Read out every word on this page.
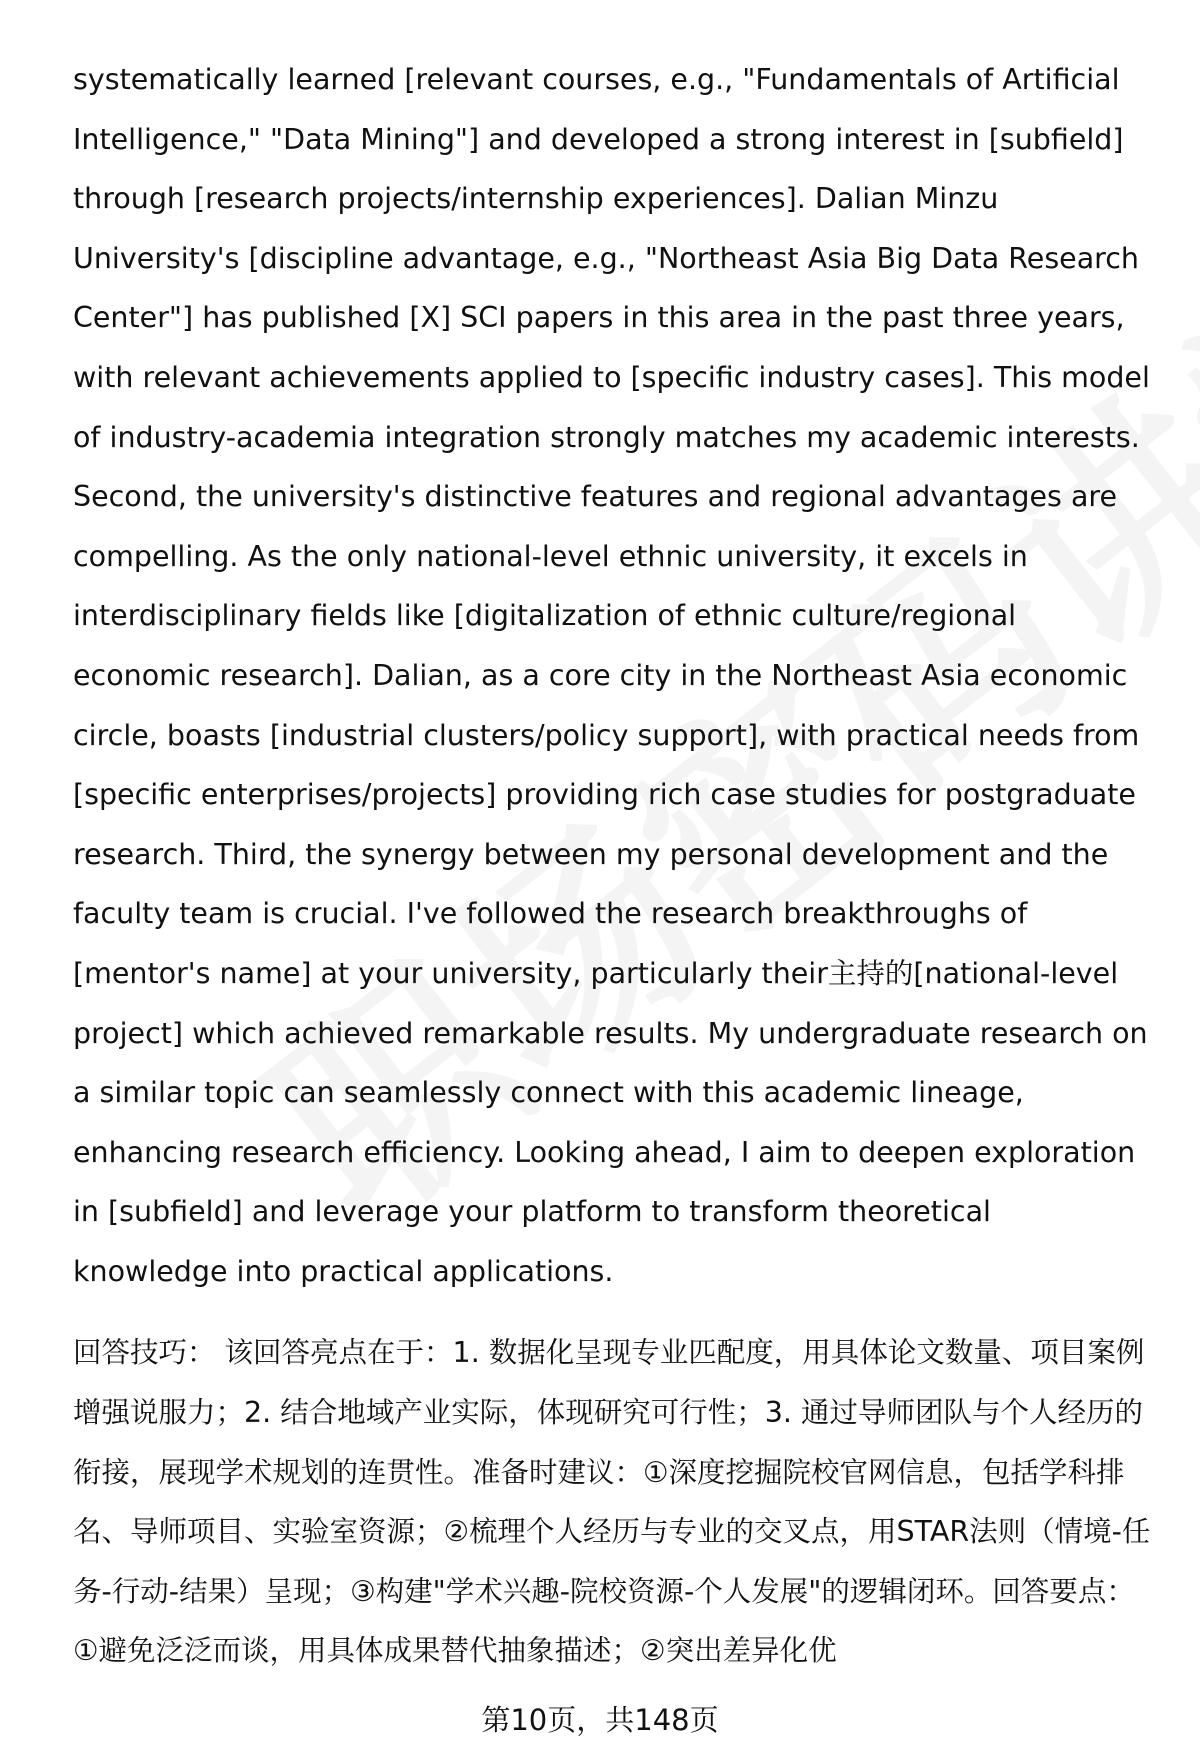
systematically learned [relevant courses, e.g., "Fundamentals of Artificial Intelligence," "Data Mining"] and developed a strong interest in [subfield] through [research projects/internship experiences]. Dalian Minzu University's [discipline advantage, e.g., "Northeast Asia Big Data Research Center"] has published [X] SCI papers in this area in the past three years, with relevant achievements applied to [specific industry cases]. This model of industry-academia integration strongly matches my academic interests. Second, the university's distinctive features and regional advantages are compelling. As the only national-level ethnic university, it excels in interdisciplinary fields like [digitalization of ethnic culture/regional economic research]. Dalian, as a core city in the Northeast Asia economic circle, boasts [industrial clusters/policy support], with practical needs from [specific enterprises/projects] providing rich case studies for postgraduate research. Third, the synergy between my personal development and the faculty team is crucial. I've followed the research breakthroughs of [mentor's name] at your university, particularly their主持的[national-level project] which achieved remarkable results. My undergraduate research on a similar topic can seamlessly connect with this academic lineage, enhancing research efficiency. Looking ahead, I aim to deepen exploration in [subfield] and leverage your platform to transform theoretical knowledge into practical applications.

回答技巧： 该回答亮点在于：1. 数据化呈现专业匹配度，用具体论文数量、项目案例增强说服力；2. 结合地域产业实际，体现研究可行性；3. 通过导师团队与个人经历的衔接，展现学术规划的连贯性。准备时建议：①深度挖掘院校官网信息，包括学科排名、导师项目、实验室资源；②梳理个人经历与专业的交叉点，用STAR法则（情境-任务-行动-结果）呈现；③构建"学术兴趣-院校资源-个人发展"的逻辑闭环。回答要点：①避免泛泛而谈，用具体成果替代抽象描述；②突出差异化优

第10页，共148页
